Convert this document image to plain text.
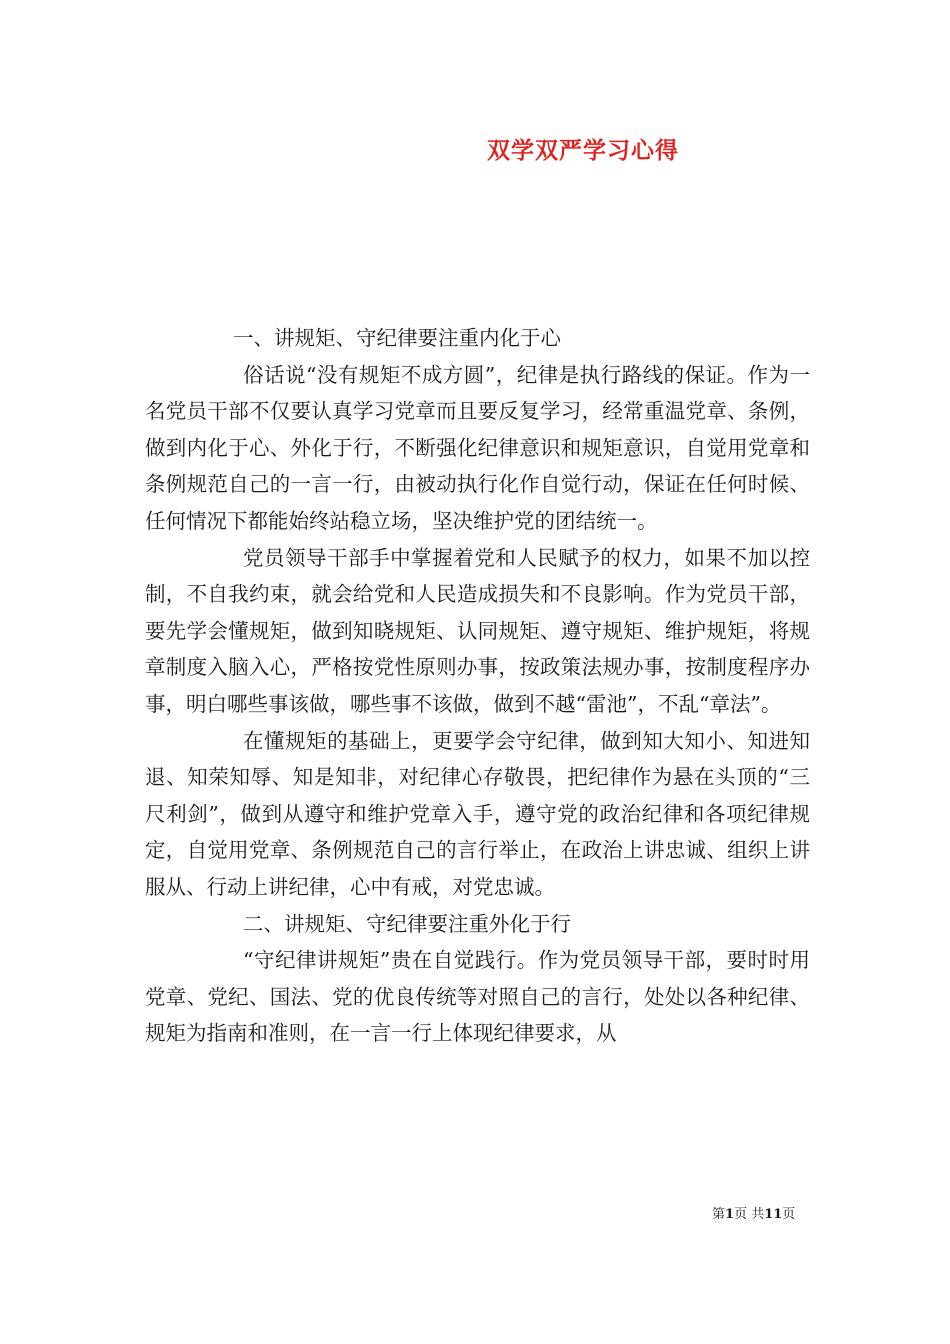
双学双严学习心得

一、讲规矩、守纪律要注重内化于心

俗话说“没有规矩不成方圆”，纪律是执行路线的保证。作为一名党员干部不仅要认真学习党章而且要反复学习，经常重温党章、条例，做到内化于心、外化于行，不断强化纪律意识和规矩意识，自觉用党章和条例规范自己的一言一行，由被动执行化作自觉行动，保证在任何时候、任何情况下都能始终站稳立场，坚决维护党的团结统一。

党员领导干部手中掌握着党和人民赋予的权力，如果不加以控制，不自我约束，就会给党和人民造成损失和不良影响。作为党员干部，要先学会懂规矩，做到知晓规矩、认同规矩、遵守规矩、维护规矩，将规章制度入脑入心，严格按党性原则办事，按政策法规办事，按制度程序办事，明白哪些事该做，哪些事不该做，做到不越“雷池”，不乱“章法”。

在懂规矩的基础上，更要学会守纪律，做到知大知小、知进知退、知荣知辱、知是知非，对纪律心存敬畏，把纪律作为悬在头顶的“三尺利剑”，做到从遵守和维护党章入手，遵守党的政治纪律和各项纪律规定，自觉用党章、条例规范自己的言行举止，在政治上讲忠诚、组织上讲服从、行动上讲纪律，心中有戒，对党忠诚。

二、讲规矩、守纪律要注重外化于行

“守纪律讲规矩”贵在自觉践行。作为党员领导干部，要时时用党章、党纪、国法、党的优良传统等对照自己的言行，处处以各种纪律、规矩为指南和准则，在一言一行上体现纪律要求，从

第1页 共11页
